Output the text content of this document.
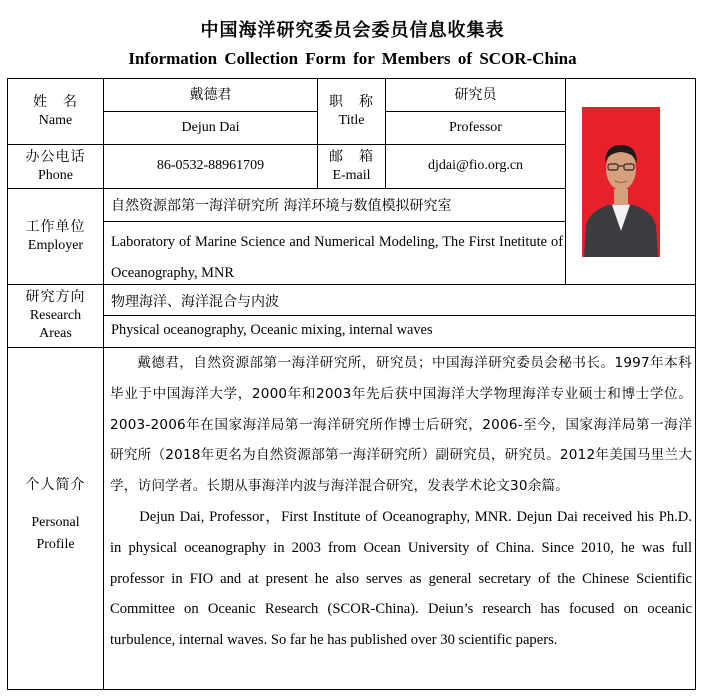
中国海洋研究委员会委员信息收集表
Information Collection Form for Members of SCOR-China
姓　名
Name
戴德君
Dejun Dai
职　称
Title
研究员
Professor
办公电话
Phone
86-0532-88961709
邮　箱
E-mail
djdai@fio.org.cn
工作单位
Employer
自然资源部第一海洋研究所 海洋环境与数值模拟研究室
Laboratory of Marine Science and Numerical Modeling, The First Inetitute of Oceanography, MNR
研究方向
Research
Areas
物理海洋、海洋混合与内波
Physical oceanography, Oceanic mixing, internal waves
个人简介
Personal
Profile

戴德君，自然资源部第一海洋研究所，研究员；中国海洋研究委员会秘书长。1997年本科毕业于中国海洋大学，2000年和2003年先后获中国海洋大学物理海洋专业硕士和博士学位。2003-2006年在国家海洋局第一海洋研究所作博士后研究，2006-至今，国家海洋局第一海洋研究所（2018年更名为自然资源部第一海洋研究所）副研究员，研究员。2012年美国马里兰大学，访问学者。长期从事海洋内波与海洋混合研究，发表学术论文30余篇。

Dejun Dai, Professor，First Institute of Oceanography, MNR. Dejun Dai received his Ph.D. in physical oceanography in 2003 from Ocean University of China. Since 2010, he was full professor in FIO and at present he also serves as general secretary of the Chinese Scientific Committee on Oceanic Research (SCOR-China). Deiun’s research has focused on oceanic turbulence, internal waves. So far he has published over 30 scientific papers.
